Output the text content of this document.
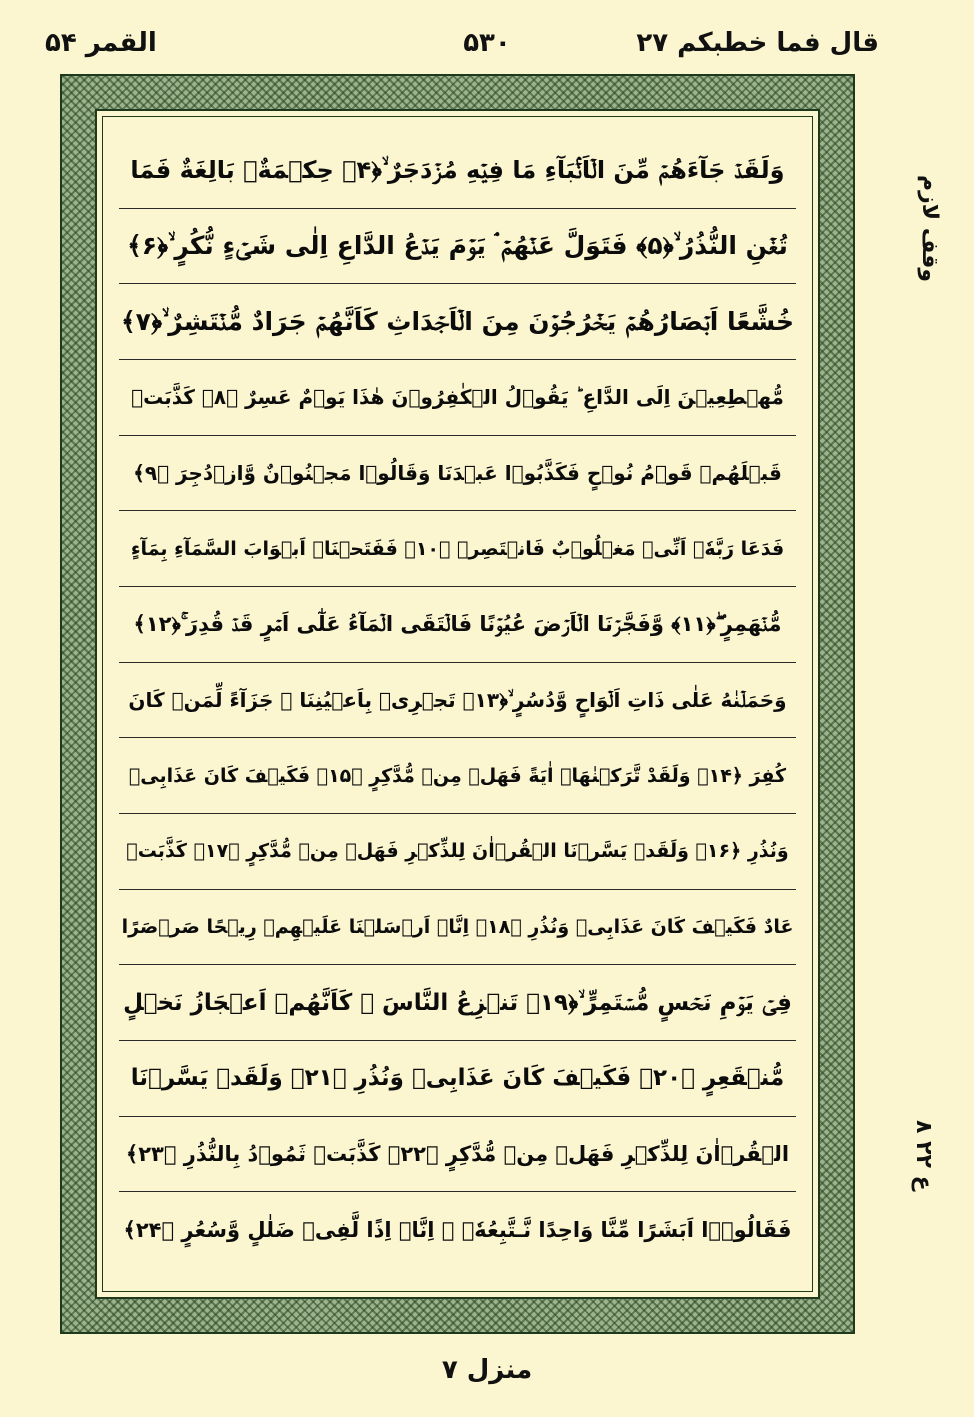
قال فما خطبكم ٢٧
۵۳۰
القمر ۵۴
وَلَقَدۡ جَآءَهُمۡ مِّنَ الۡاَنۡۢبَآءِ مَا فِيۡهِ مُزۡدَجَرٌ ۙ﴿۴﴾ حِكۡمَةٌۢ بَالِغَةٌ فَمَا
تُغۡنِ النُّذُرُ ۙ﴿۵﴾ فَتَوَلَّ عَنۡهُمۡ ۘ يَوۡمَ يَدۡعُ الدَّاعِ اِلٰى شَىۡءٍ نُّكُرٍ ۙ﴿۶﴾
خُشَّعًا اَبۡصَارُهُمۡ يَخۡرُجُوۡنَ مِنَ الۡاَجۡدَاثِ كَاَنَّهُمۡ جَرَادٌ مُّنۡتَشِرٌ ۙ﴿۷﴾
مُّهۡطِعِيۡنَ اِلَى الدَّاعِ ؕ يَقُوۡلُ الۡكٰفِرُوۡنَ هٰذَا يَوۡمٌ عَسِرٌ ﴿۸﴾ كَذَّبَتۡ
قَبۡلَهُمۡ قَوۡمُ نُوۡحٍ فَكَذَّبُوۡا عَبۡدَنَا وَقَالُوۡا مَجۡنُوۡنٌ وَّازۡدُجِرَ ﴿۹﴾
فَدَعَا رَبَّهٗۤ اَنِّىۡ مَغۡلُوۡبٌ فَانۡتَصِرۡ ﴿۱۰﴾ فَفَتَحۡنَاۤ اَبۡوَابَ السَّمَآءِ بِمَآءٍ
مُّنۡهَمِرٍ ۖ﴿۱۱﴾ وَّفَجَّرۡنَا الۡاَرۡضَ عُيُوۡنًا فَالۡتَقَى الۡمَآءُ عَلٰٓى اَمۡرٍ قَدۡ قُدِرَ ۚ﴿۱۲﴾
وَحَمَلۡنٰهُ عَلٰى ذَاتِ اَلۡوَاحٍ وَّدُسُرٍ ۙ﴿۱۳﴾ تَجۡرِىۡ بِاَعۡيُنِنَا ۚ جَزَآءً لِّمَنۡ كَانَ
كُفِرَ ﴿۱۴﴾ وَلَقَدْ تَّرَكۡنٰهَاۤ اٰيَةً فَهَلۡ مِنۡ مُّدَّكِرٍ ﴿۱۵﴾ فَكَيۡفَ كَانَ عَذَابِىۡ
وَنُذُرِ ﴿۱۶﴾ وَلَقَدۡ يَسَّرۡنَا الۡقُرۡاٰنَ لِلذِّكۡرِ فَهَلۡ مِنۡ مُّدَّكِرٍ ﴿۱۷﴾ كَذَّبَتۡ
عَادٌ فَكَيۡفَ كَانَ عَذَابِىۡ وَنُذُرِ ﴿۱۸﴾ اِنَّاۤ اَرۡسَلۡنَا عَلَيۡهِمۡ رِيۡحًا صَرۡصَرًا
فِىۡ يَوۡمِ نَحۡسٍ مُّسۡتَمِرٍّ ۙ﴿۱۹﴾ تَنۡزِعُ النَّاسَ ۙ كَاَنَّهُمۡ اَعۡجَازُ نَخۡلٍ
مُّنۡقَعِرٍ ﴿۲۰﴾ فَكَيۡفَ كَانَ عَذَابِىۡ وَنُذُرِ ﴿۲۱﴾ وَلَقَدۡ يَسَّرۡنَا
الۡقُرۡاٰنَ لِلذِّكۡرِ فَهَلۡ مِنۡ مُّدَّكِرٍ ﴿۲۲﴾ كَذَّبَتۡ ثَمُوۡدُ بِالنُّذُرِ ﴿۲۳﴾
فَقَالُوۡۤا اَبَشَرًا مِّنَّا وَاحِدًا نَّـتَّبِعُهٗۤ ۙ اِنَّاۤ اِذًا لَّفِىۡ ضَلٰلٍ وَّسُعُرٍ ﴿۲۴﴾
وقف لازم
ع ۲۲ ۸
منزل ٧
